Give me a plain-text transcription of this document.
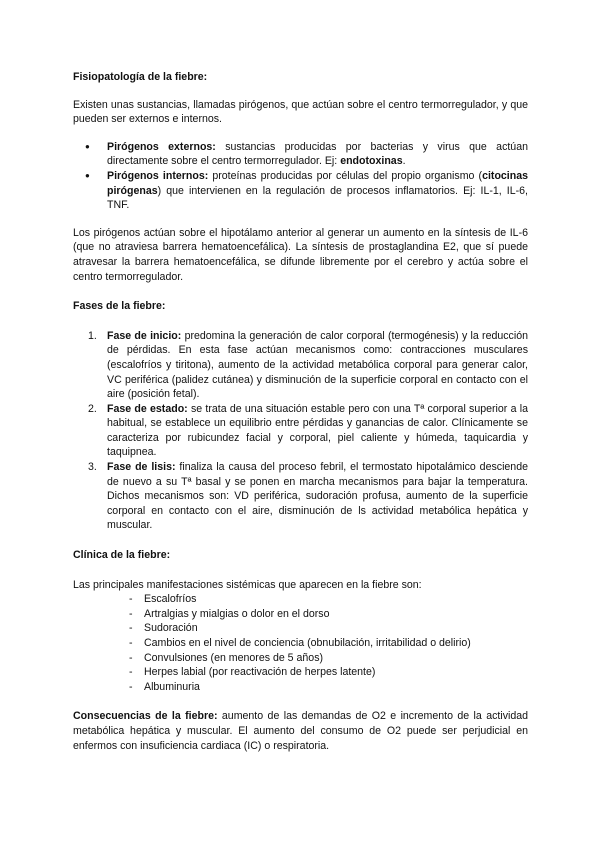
Fisiopatología de la fiebre:

Existen unas sustancias, llamadas pirógenos, que actúan sobre el centro termorregulador, y que pueden ser externos e internos.

● Pirógenos externos: sustancias producidas por bacterias y virus que actúan directamente sobre el centro termorregulador. Ej: endotoxinas.
● Pirógenos internos: proteínas producidas por células del propio organismo (citocinas pirógenas) que intervienen en la regulación de procesos inflamatorios. Ej: IL-1, IL-6, TNF.

Los pirógenos actúan sobre el hipotálamo anterior al generar un aumento en la síntesis de IL-6 (que no atraviesa barrera hematoencefálica). La síntesis de prostaglandina E2, que sí puede atravesar la barrera hematoencefálica, se difunde libremente por el cerebro y actúa sobre el centro termorregulador.

Fases de la fiebre:

1. Fase de inicio: predomina la generación de calor corporal (termogénesis) y la reducción de pérdidas. En esta fase actúan mecanismos como: contracciones musculares (escalofríos y tiritona), aumento de la actividad metabólica corporal para generar calor, VC periférica (palidez cutánea) y disminución de la superficie corporal en contacto con el aire (posición fetal).
2. Fase de estado: se trata de una situación estable pero con una Tª corporal superior a la habitual, se establece un equilibrio entre pérdidas y ganancias de calor. Clínicamente se caracteriza por rubicundez facial y corporal, piel caliente y húmeda, taquicardia y taquipnea.
3. Fase de lisis: finaliza la causa del proceso febril, el termostato hipotalámico desciende de nuevo a su Tª basal y se ponen en marcha mecanismos para bajar la temperatura. Dichos mecanismos son: VD periférica, sudoración profusa, aumento de la superficie corporal en contacto con el aire, disminución de ls actividad metabólica hepática y muscular.

Clínica de la fiebre:

Las principales manifestaciones sistémicas que aparecen en la fiebre son:

- Escalofríos
- Artralgias y mialgias o dolor en el dorso
- Sudoración
- Cambios en el nivel de conciencia (obnubilación, irritabilidad o delirio)
- Convulsiones (en menores de 5 años)
- Herpes labial (por reactivación de herpes latente)
- Albuminuria

Consecuencias de la fiebre: aumento de las demandas de O2 e incremento de la actividad metabólica hepática y muscular. El aumento del consumo de O2 puede ser perjudicial en enfermos con insuficiencia cardiaca (IC) o respiratoria.
